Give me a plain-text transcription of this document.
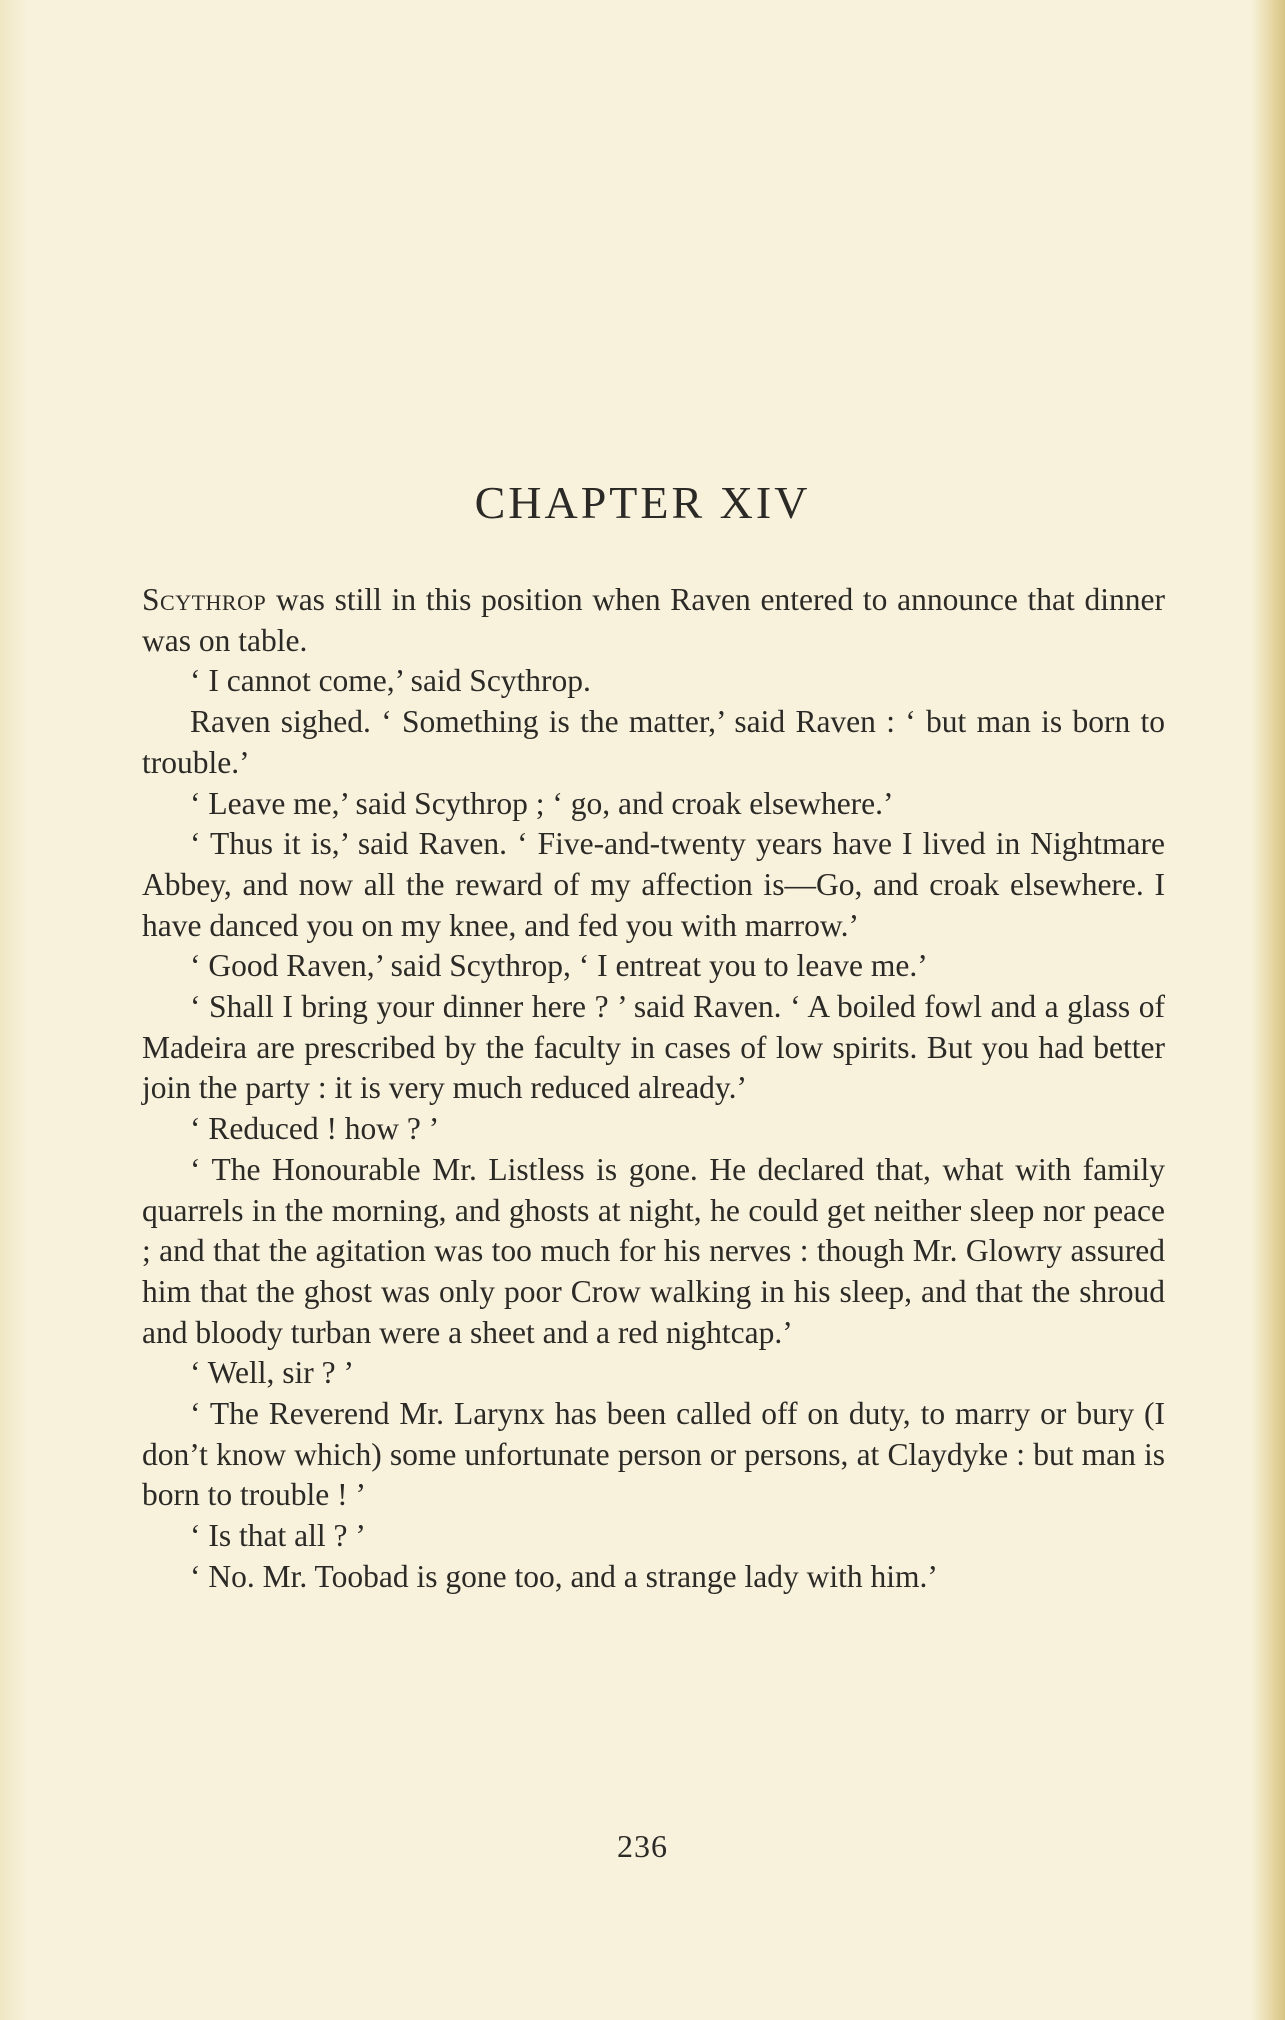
CHAPTER XIV

Scythrop was still in this position when Raven entered to announce that dinner was on table.

‘ I cannot come,’ said Scythrop.

Raven sighed. ‘ Something is the matter,’ said Raven : ‘ but man is born to trouble.’

‘ Leave me,’ said Scythrop ; ‘ go, and croak elsewhere.’

‘ Thus it is,’ said Raven. ‘ Five-and-twenty years have I lived in Nightmare Abbey, and now all the reward of my affection is—Go, and croak elsewhere. I have danced you on my knee, and fed you with marrow.’

‘ Good Raven,’ said Scythrop, ‘ I entreat you to leave me.’

‘ Shall I bring your dinner here ? ’ said Raven. ‘ A boiled fowl and a glass of Madeira are prescribed by the faculty in cases of low spirits. But you had better join the party : it is very much reduced already.’

‘ Reduced ! how ? ’

‘ The Honourable Mr. Listless is gone. He declared that, what with family quarrels in the morning, and ghosts at night, he could get neither sleep nor peace ; and that the agitation was too much for his nerves : though Mr. Glowry assured him that the ghost was only poor Crow walking in his sleep, and that the shroud and bloody turban were a sheet and a red nightcap.’

‘ Well, sir ? ’

‘ The Reverend Mr. Larynx has been called off on duty, to marry or bury (I don’t know which) some unfortunate person or persons, at Claydyke : but man is born to trouble ! ’

‘ Is that all ? ’

‘ No. Mr. Toobad is gone too, and a strange lady with him.’

236
